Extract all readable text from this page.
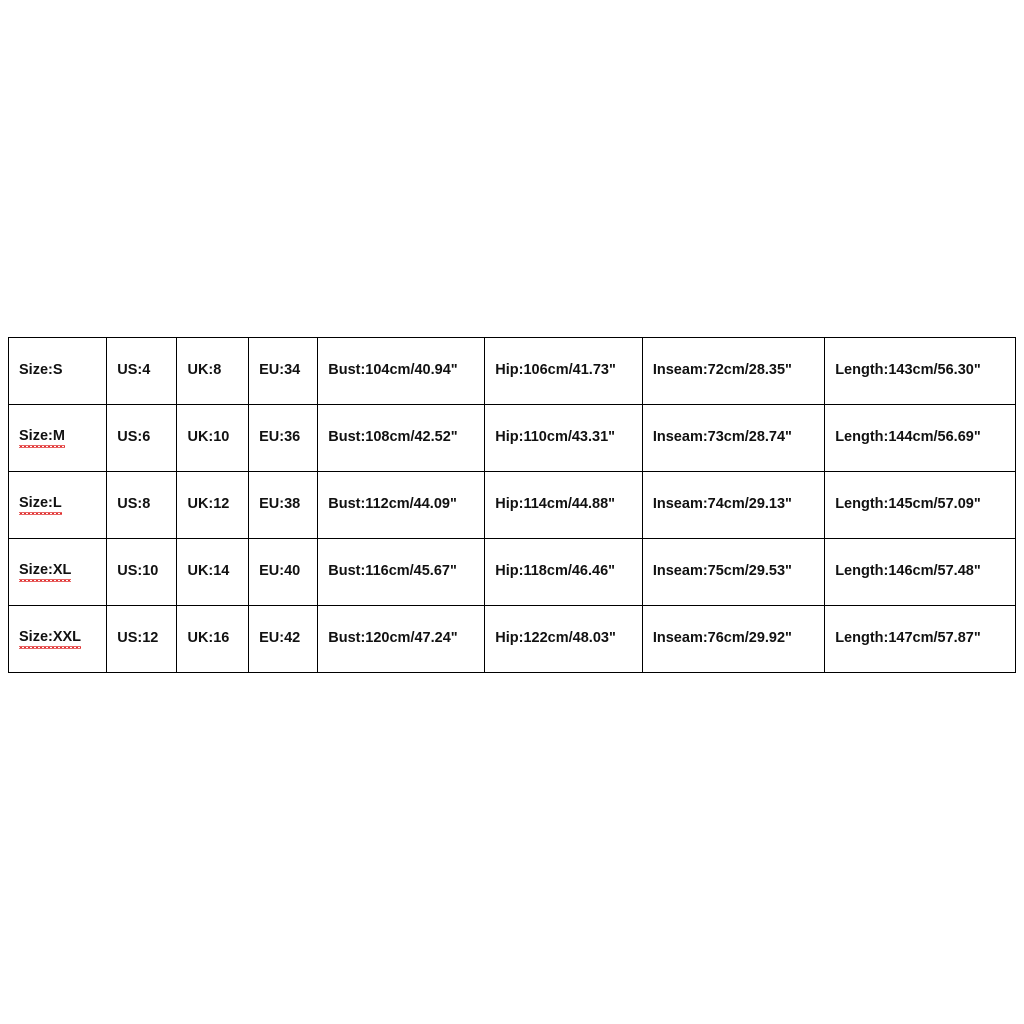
Size:S	US:4	UK:8	EU:34	Bust:104cm/40.94"	Hip:106cm/41.73"	Inseam:72cm/28.35"	Length:143cm/56.30"
Size:M	US:6	UK:10	EU:36	Bust:108cm/42.52"	Hip:110cm/43.31"	Inseam:73cm/28.74"	Length:144cm/56.69"
Size:L	US:8	UK:12	EU:38	Bust:112cm/44.09"	Hip:114cm/44.88"	Inseam:74cm/29.13"	Length:145cm/57.09"
Size:XL	US:10	UK:14	EU:40	Bust:116cm/45.67"	Hip:118cm/46.46"	Inseam:75cm/29.53"	Length:146cm/57.48"
Size:XXL	US:12	UK:16	EU:42	Bust:120cm/47.24"	Hip:122cm/48.03"	Inseam:76cm/29.92"	Length:147cm/57.87"
